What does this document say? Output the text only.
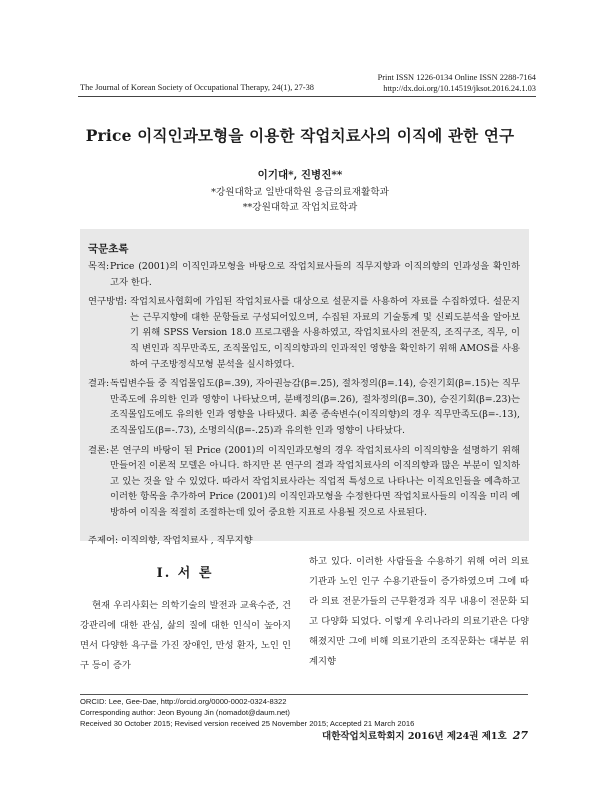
Print ISSN 1226-0134 Online ISSN 2288-7164
http://dx.doi.org/10.14519/jksot.2016.24.1.03
The Journal of Korean Society of Occupational Therapy, 24(1), 27-38
Price 이직인과모형을 이용한 작업치료사의 이직에 관한 연구
이기대*, 진병진**
*강원대학교 일반대학원 응급의료재활학과
**강원대학교 작업치료학과
국문초록

목적: Price (2001)의 이직인과모형을 바탕으로 작업치료사들의 직무지향과 이직의향의 인과성을 확인하고자 한다.

연구방법: 작업치료사협회에 가입된 작업치료사를 대상으로 설문지를 사용하여 자료를 수집하였다. 설문지는 근무지향에 대한 문항들로 구성되어있으며, 수집된 자료의 기술통계 및 신뢰도분석을 알아보기 위해 SPSS Version 18.0 프로그램을 사용하였고, 작업치료사의 전문직, 조직구조, 직무, 이직 변인과 직무만족도, 조직몰입도, 이직의향과의 인과적인 영향을 확인하기 위해 AMOS를 사용하여 구조방정식모형 분석을 실시하였다.

결과: 독립변수들 중 직업몰입도(β=.39), 자아권능감(β=.25), 절차정의(β=.14), 승진기회(β=.15)는 직무만족도에 유의한 인과 영향이 나타났으며, 분배정의(β=.26), 절차정의(β=.30), 승진기회(β=.23)는 조직몰입도에도 유의한 인과 영향을 나타냈다. 최종 종속변수(이직의향)의 경우 직무만족도(β=-.13), 조직몰입도(β=-.73), 소명의식(β=-.25)과 유의한 인과 영향이 나타났다.

결론: 본 연구의 바탕이 된 Price (2001)의 이직인과모형의 경우 작업치료사의 이직의향을 설명하기 위해 만들어진 이론적 모델은 아니다. 하지만 본 연구의 결과 작업치료사의 이직의향과 많은 부분이 일치하고 있는 것을 알 수 있었다. 따라서 작업치료사라는 직업적 특성으로 나타나는 이직요인들을 예측하고 이러한 항목을 추가하여 Price (2001)의 이직인과모형을 수정한다면 작업치료사들의 이직을 미리 예방하여 이직을 적절히 조절하는데 있어 중요한 지표로 사용될 것으로 사료된다.

주제어: 이직의향, 작업치료사 , 직무지향
I. 서 론
현재 우리사회는 의학기술의 발전과 교육수준, 건강관리에 대한 관심, 삶의 질에 대한 인식이 높아지면서 다양한 욕구를 가진 장애인, 만성 환자, 노인 인구 등이 증가
하고 있다. 이러한 사람들을 수용하기 위해 여러 의료기관과 노인 인구 수용기관들이 증가하였으며 그에 따라 의료 전문가들의 근무환경과 직무 내용이 전문화 되고 다양화 되었다. 이렇게 우리나라의 의료기관은 다양해졌지만 그에 비해 의료기관의 조직문화는 대부분 위계지향
ORCID: Lee, Gee-Dae, http://orcid.org/0000-0002-0324-8322
Corresponding author: Jeon Byoung Jin (nomadot@daum.net)
Received 30 October 2015; Revised version received 25 November 2015; Accepted 21 March 2016
대한작업치료학회지 2016년 제24권 제1호 27
